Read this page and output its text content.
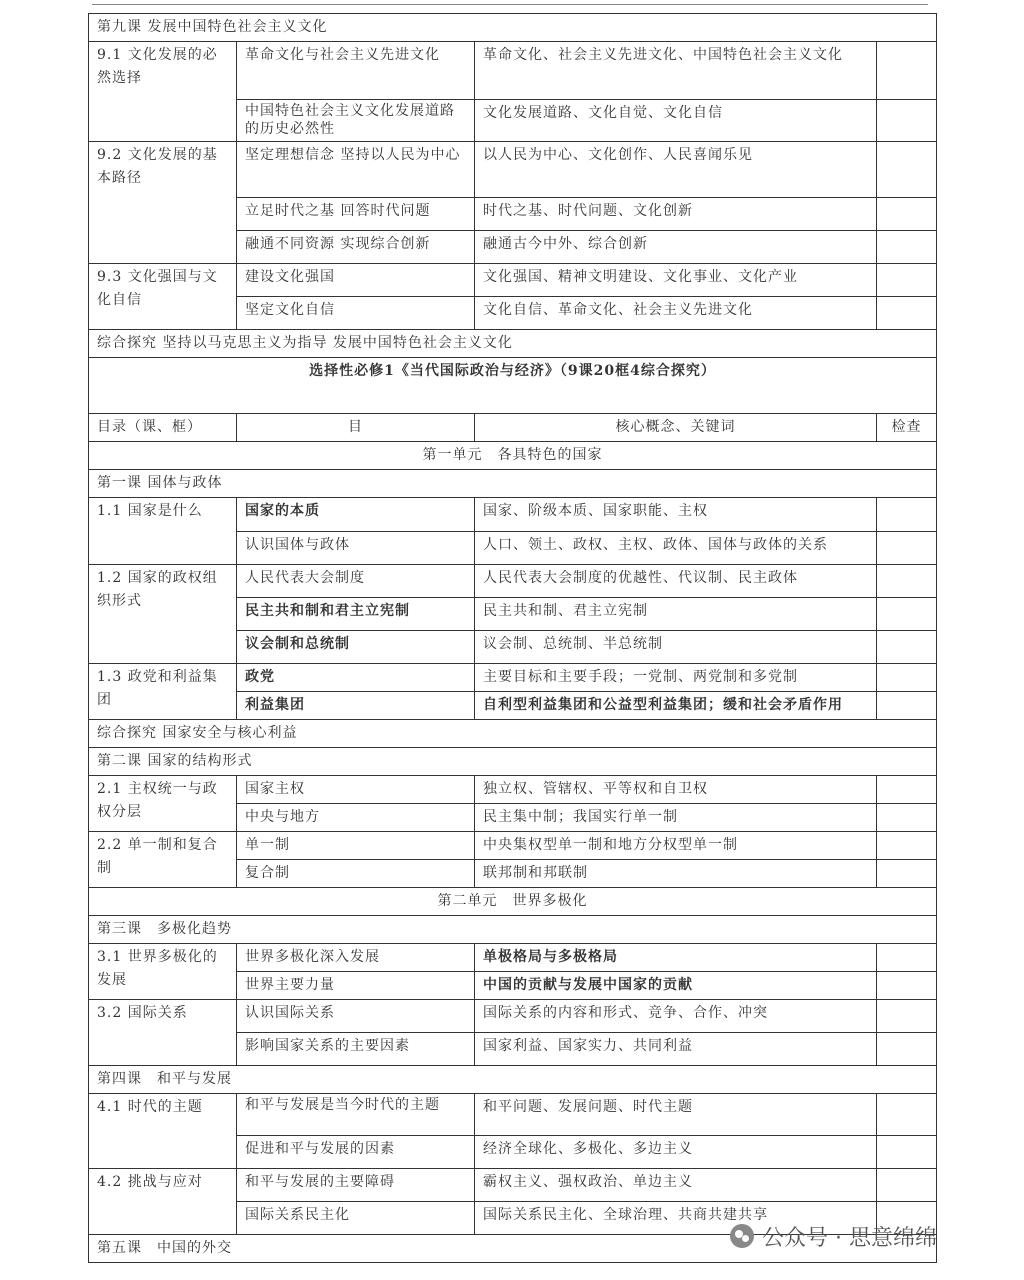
第九课 发展中国特色社会主义文化			
9.1 文化发展的必然选择	革命文化与社会主义先进文化	革命文化、社会主义先进文化、中国特色社会主义文化	
	中国特色社会主义文化发展道路的历史必然性	文化发展道路、文化自觉、文化自信	
9.2 文化发展的基本路径	坚定理想信念 坚持以人民为中心	以人民为中心、文化创作、人民喜闻乐见	
	立足时代之基 回答时代问题	时代之基、时代问题、文化创新	
	融通不同资源 实现综合创新	融通古今中外、综合创新	
9.3 文化强国与文化自信	建设文化强国	文化强国、精神文明建设、文化事业、文化产业	
	坚定文化自信	文化自信、革命文化、社会主义先进文化	
综合探究 坚持以马克思主义为指导 发展中国特色社会主义文化			
选择性必修1《当代国际政治与经济》（9课20框4综合探究）			
目录（课、框）	目	核心概念、关键词	检查
第一单元　各具特色的国家			
第一课 国体与政体			
1.1 国家是什么	国家的本质	国家、阶级本质、国家职能、主权	
	认识国体与政体	人口、领土、政权、主权、政体、国体与政体的关系	
1.2 国家的政权组织形式	人民代表大会制度	人民代表大会制度的优越性、代议制、民主政体	
	民主共和制和君主立宪制	民主共和制、君主立宪制	
	议会制和总统制	议会制、总统制、半总统制	
1.3 政党和利益集团	政党	主要目标和主要手段；一党制、两党制和多党制	
	利益集团	自利型利益集团和公益型利益集团；缓和社会矛盾作用	
综合探究 国家安全与核心利益			
第二课 国家的结构形式			
2.1 主权统一与政权分层	国家主权	独立权、管辖权、平等权和自卫权	
	中央与地方	民主集中制；我国实行单一制	
2.2 单一制和复合制	单一制	中央集权型单一制和地方分权型单一制	
	复合制	联邦制和邦联制	
第二单元　世界多极化			
第三课　多极化趋势			
3.1 世界多极化的发展	世界多极化深入发展	单极格局与多极格局	
	世界主要力量	中国的贡献与发展中国家的贡献	
3.2 国际关系	认识国际关系	国际关系的内容和形式、竞争、合作、冲突	
	影响国家关系的主要因素	国家利益、国家实力、共同利益	
第四课　和平与发展			
4.1 时代的主题	和平与发展是当今时代的主题	和平问题、发展问题、时代主题	
	促进和平与发展的因素	经济全球化、多极化、多边主义	
4.2 挑战与应对	和平与发展的主要障碍	霸权主义、强权政治、单边主义	
	国际关系民主化	国际关系民主化、全球治理、共商共建共享	
第五课　中国的外交				公众号 · 思意绵绵
